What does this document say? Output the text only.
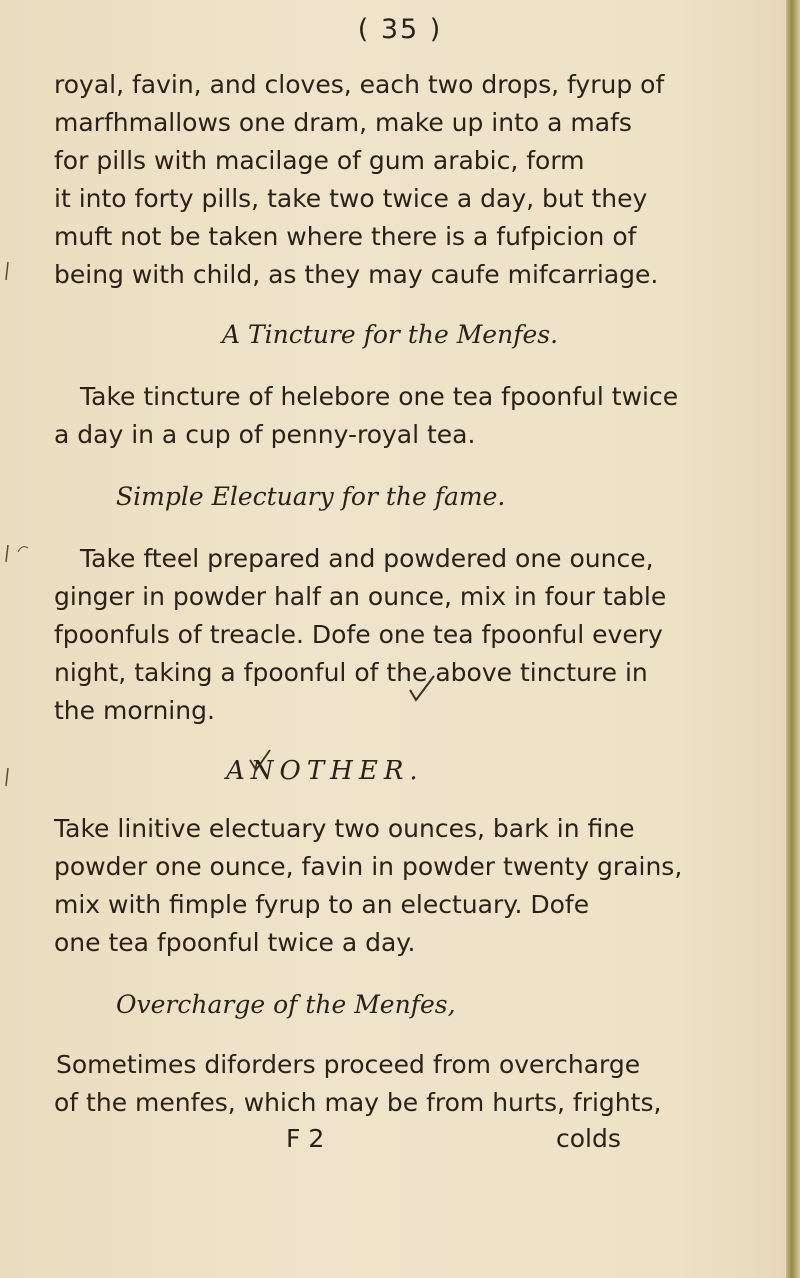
( 35 )
royal, favin, and cloves, each two drops, fyrup of
marfhmallows one dram, make up into a mafs
for pills with macilage of gum arabic, form
it into forty pills, take two twice a day, but they
muft not be taken where there is a fufpicion of
being with child, as they may caufe mifcarriage.
A Tincture for the Menfes.
Take tincture of helebore one tea fpoonful twice
a day in a cup of penny-royal tea.
Simple Electuary for the fame.
Take fteel prepared and powdered one ounce,
ginger in powder half an ounce, mix in four table
fpoonfuls of treacle. Dofe one tea fpoonful every
night, taking a fpoonful of the above tincture in
the morning.
ANOTHER.
Take linitive electuary two ounces, bark in fine
powder one ounce, favin in powder twenty grains,
mix with fimple fyrup to an electuary. Dofe
one tea fpoonful twice a day.
Overcharge of the Menfes,
Sometimes diforders proceed from overcharge
of the menfes, which may be from hurts, frights,
F 2	colds
